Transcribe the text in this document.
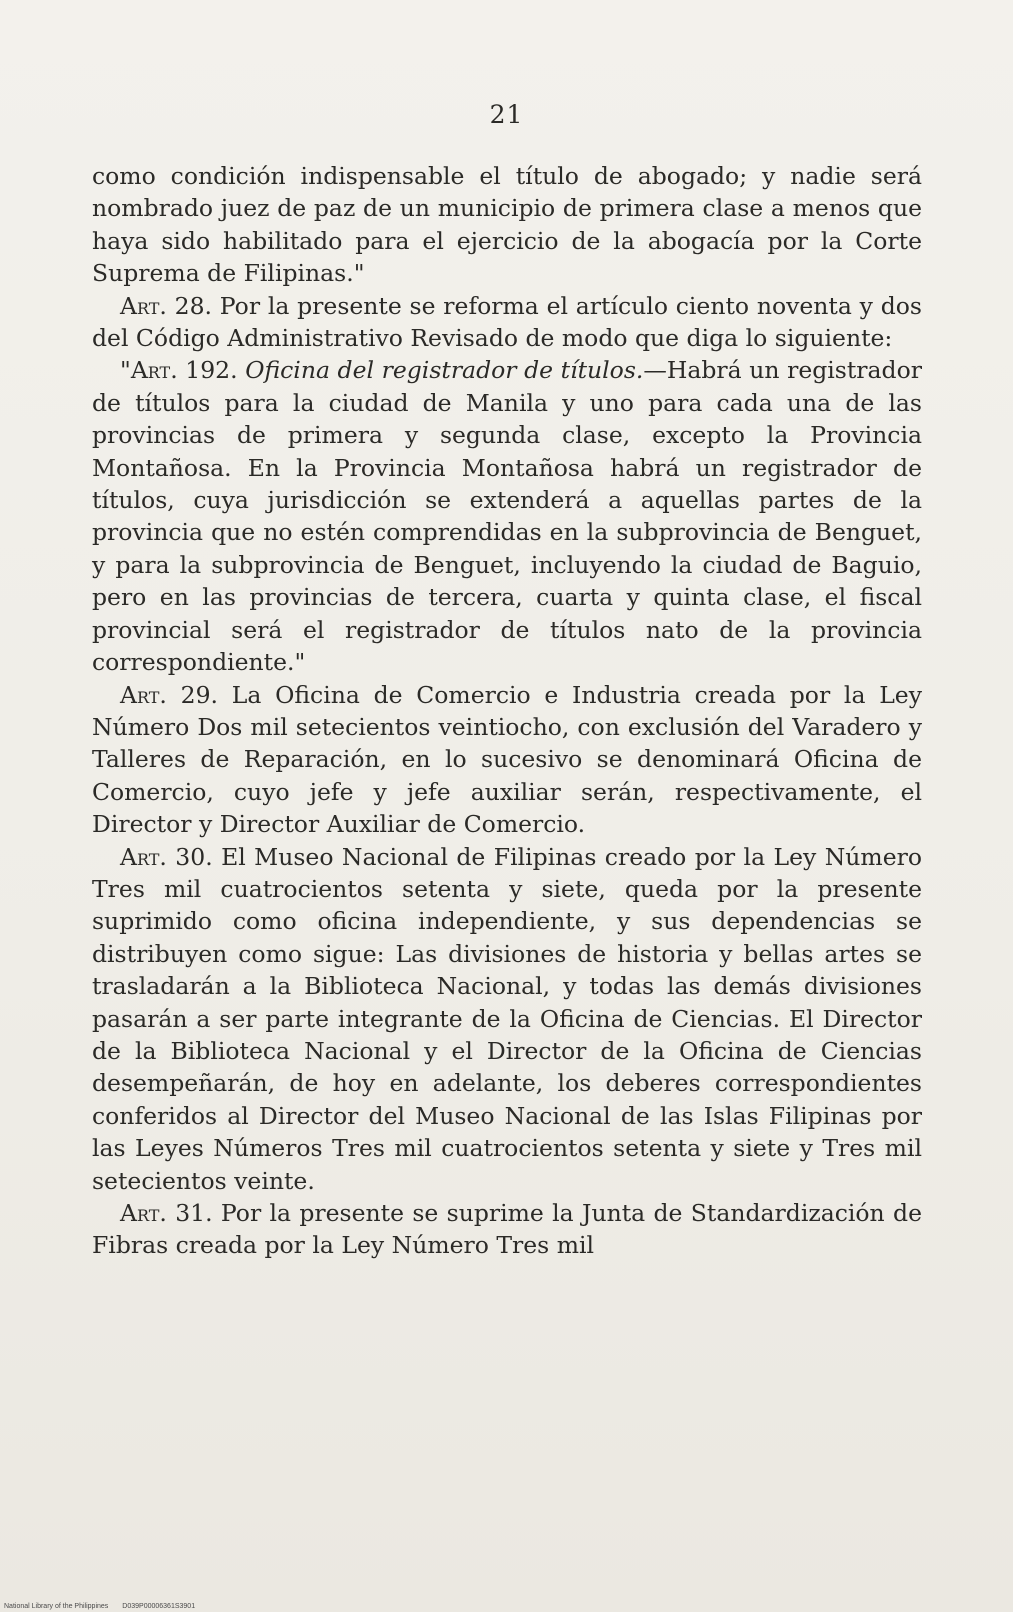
21

como condición indispensable el título de abogado; y nadie será nombrado juez de paz de un municipio de primera clase a menos que haya sido habilitado para el ejercicio de la abogacía por la Corte Suprema de Filipinas."

Art. 28. Por la presente se reforma el artículo ciento noventa y dos del Código Administrativo Revisado de modo que diga lo siguiente:

"Art. 192. Oficina del registrador de títulos.—Habrá un registrador de títulos para la ciudad de Manila y uno para cada una de las provincias de primera y segunda clase, excepto la Provincia Montañosa. En la Provincia Montañosa habrá un registrador de títulos, cuya jurisdicción se extenderá a aquellas partes de la provincia que no estén comprendidas en la subprovincia de Benguet, y para la subprovincia de Benguet, incluyendo la ciudad de Baguio, pero en las provincias de tercera, cuarta y quinta clase, el fiscal provincial será el registrador de títulos nato de la provincia correspondiente."

Art. 29. La Oficina de Comercio e Industria creada por la Ley Número Dos mil setecientos veintiocho, con exclusión del Varadero y Talleres de Reparación, en lo sucesivo se denominará Oficina de Comercio, cuyo jefe y jefe auxiliar serán, respectivamente, el Director y Director Auxiliar de Comercio.

Art. 30. El Museo Nacional de Filipinas creado por la Ley Número Tres mil cuatrocientos setenta y siete, queda por la presente suprimido como oficina independiente, y sus dependencias se distribuyen como sigue: Las divisiones de historia y bellas artes se trasladarán a la Biblioteca Nacional, y todas las demás divisiones pasarán a ser parte integrante de la Oficina de Ciencias. El Director de la Biblioteca Nacional y el Director de la Oficina de Ciencias desempeñarán, de hoy en adelante, los deberes correspondientes conferidos al Director del Museo Nacional de las Islas Filipinas por las Leyes Números Tres mil cuatrocientos setenta y siete y Tres mil setecientos veinte.

Art. 31. Por la presente se suprime la Junta de Standardización de Fibras creada por la Ley Número Tres mil

National Library of the Philippines D039P00006361S3901
